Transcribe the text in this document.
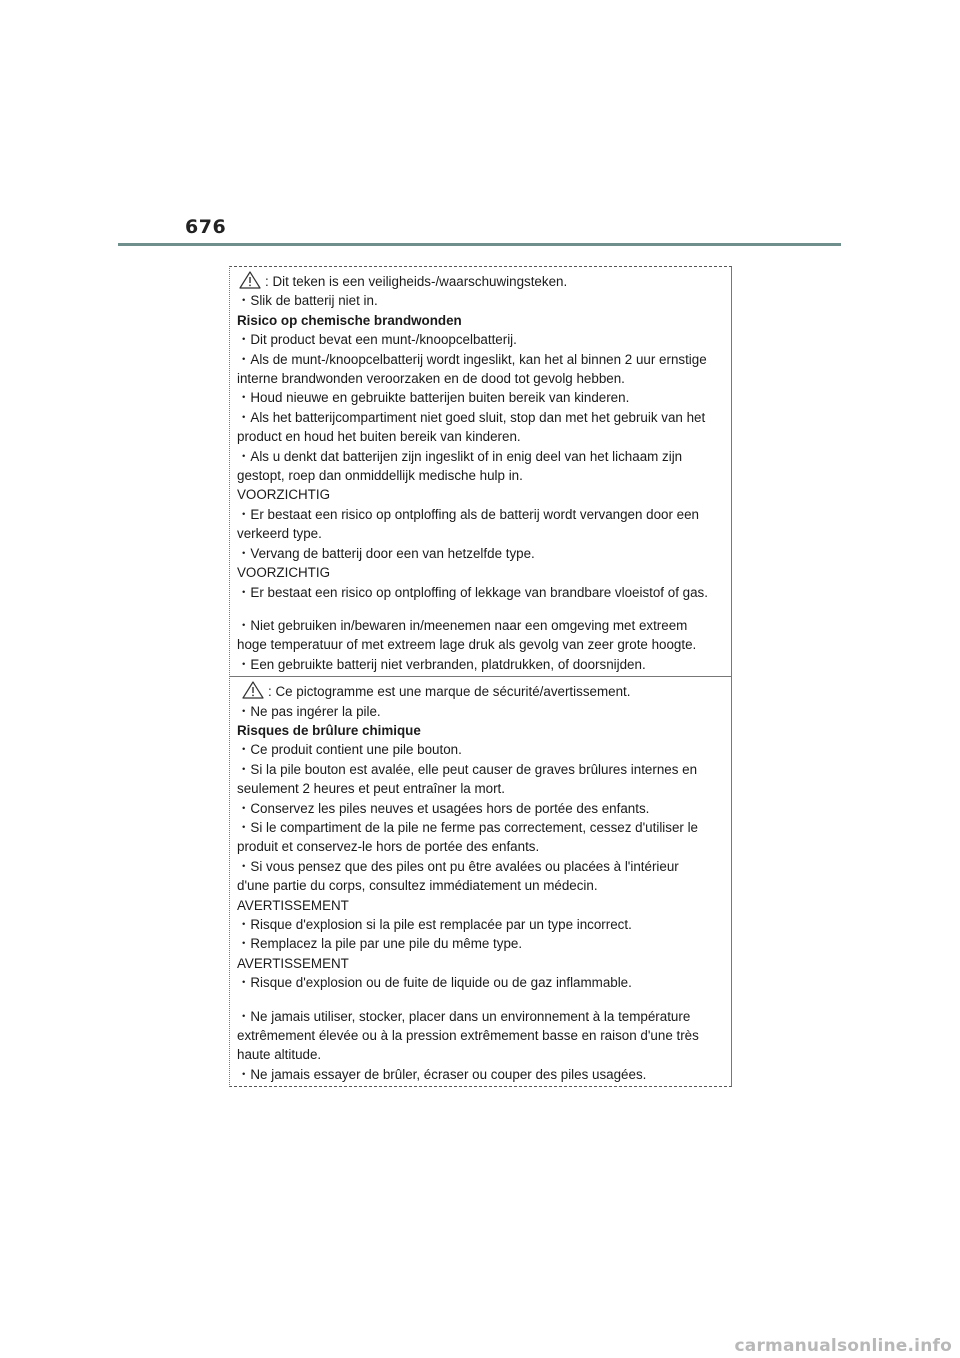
676
: Dit teken is een veiligheids-/waarschuwingsteken.
・Slik de batterij niet in.
Risico op chemische brandwonden
・Dit product bevat een munt-/knoopcelbatterij.
・Als de munt-/knoopcelbatterij wordt ingeslikt, kan het al binnen 2 uur ernstige
interne brandwonden veroorzaken en de dood tot gevolg hebben.
・Houd nieuwe en gebruikte batterijen buiten bereik van kinderen.
・Als het batterijcompartiment niet goed sluit, stop dan met het gebruik van het
product en houd het buiten bereik van kinderen.
・Als u denkt dat batterijen zijn ingeslikt of in enig deel van het lichaam zijn
gestopt, roep dan onmiddellijk medische hulp in.
VOORZICHTIG
・Er bestaat een risico op ontploffing als de batterij wordt vervangen door een
verkeerd type.
・Vervang de batterij door een van hetzelfde type.
VOORZICHTIG
・Er bestaat een risico op ontploffing of lekkage van brandbare vloeistof of gas.
・Niet gebruiken in/bewaren in/meenemen naar een omgeving met extreem
hoge temperatuur of met extreem lage druk als gevolg van zeer grote hoogte.
・Een gebruikte batterij niet verbranden, platdrukken, of doorsnijden.
: Ce pictogramme est une marque de sécurité/avertissement.
・Ne pas ingérer la pile.
Risques de brûlure chimique
・Ce produit contient une pile bouton.
・Si la pile bouton est avalée, elle peut causer de graves brûlures internes en
seulement 2 heures et peut entraîner la mort.
・Conservez les piles neuves et usagées hors de portée des enfants.
・Si le compartiment de la pile ne ferme pas correctement, cessez d'utiliser le
produit et conservez-le hors de portée des enfants.
・Si vous pensez que des piles ont pu être avalées ou placées à l'intérieur
d'une partie du corps, consultez immédiatement un médecin.
AVERTISSEMENT
・Risque d'explosion si la pile est remplacée par un type incorrect.
・Remplacez la pile par une pile du même type.
AVERTISSEMENT
・Risque d'explosion ou de fuite de liquide ou de gaz inflammable.
・Ne jamais utiliser, stocker, placer dans un environnement à la température
extrêmement élevée ou à la pression extrêmement basse en raison d'une très
haute altitude.
・Ne jamais essayer de brûler, écraser ou couper des piles usagées.
carmanualsonline.info
